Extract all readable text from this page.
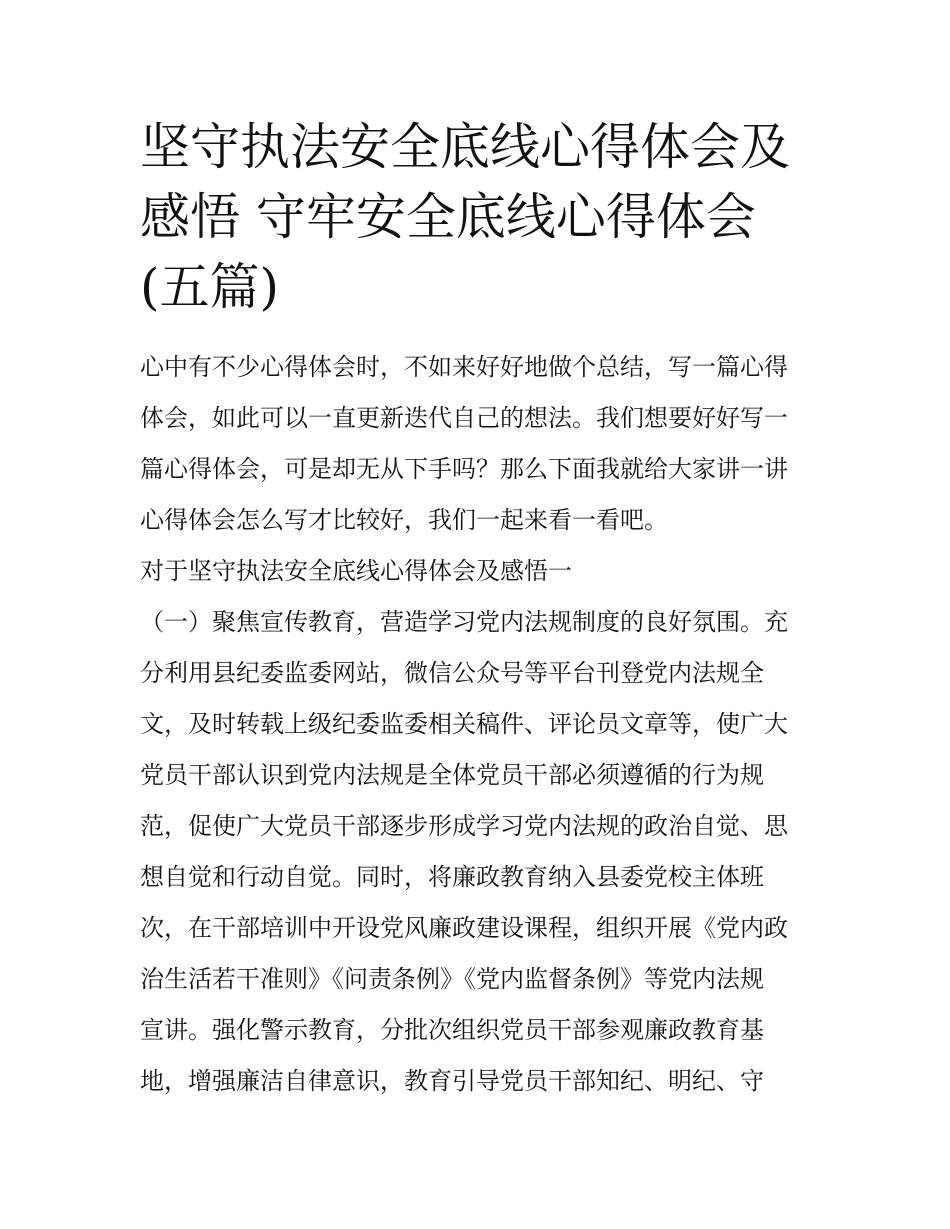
坚守执法安全底线心得体会及
感悟 守牢安全底线心得体会
(五篇)

心中有不少心得体会时，不如来好好地做个总结，写一篇心得
体会，如此可以一直更新迭代自己的想法。我们想要好好写一
篇心得体会，可是却无从下手吗？那么下面我就给大家讲一讲
心得体会怎么写才比较好，我们一起来看一看吧。

对于坚守执法安全底线心得体会及感悟一

（一）聚焦宣传教育，营造学习党内法规制度的良好氛围。充
分利用县纪委监委网站，微信公众号等平台刊登党内法规全
文，及时转载上级纪委监委相关稿件、评论员文章等，使广大
党员干部认识到党内法规是全体党员干部必须遵循的行为规
范，促使广大党员干部逐步形成学习党内法规的政治自觉、思
想自觉和行动自觉。同时，将廉政教育纳入县委党校主体班
次，在干部培训中开设党风廉政建设课程，组织开展《党内政
治生活若干准则》《问责条例》《党内监督条例》等党内法规
宣讲。强化警示教育，分批次组织党员干部参观廉政教育基
地，增强廉洁自律意识，教育引导党员干部知纪、明纪、守
